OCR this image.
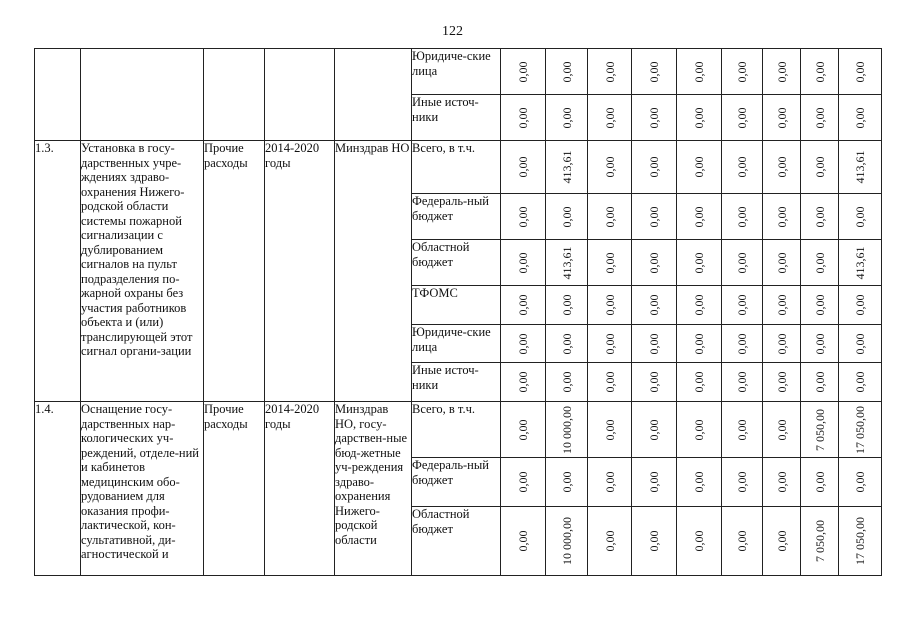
122
					Юридиче-ские лица	0,00	0,00	0,00	0,00	0,00	0,00	0,00	0,00	0,00

					Иные источ-ники	0,00	0,00	0,00	0,00	0,00	0,00	0,00	0,00	0,00

1.3.	Установка в госу-дарственных учре-ждениях здраво-охранения Нижего-родской области системы пожарной сигнализации с дублированием сигналов на пульт подразделения по-жарной охраны без участия работников объекта и (или) транслирующей этот сигнал органи-зации	Прочие расходы	2014-2020 годы	Минздрав НО	Всего, в т.ч.	0,00	413,61	0,00	0,00	0,00	0,00	0,00	0,00	413,61

					Федераль-ный бюджет	0,00	0,00	0,00	0,00	0,00	0,00	0,00	0,00	0,00

					Областной бюджет	0,00	413,61	0,00	0,00	0,00	0,00	0,00	0,00	413,61

					ТФОМС	0,00	0,00	0,00	0,00	0,00	0,00	0,00	0,00	0,00

					Юридиче-ские лица	0,00	0,00	0,00	0,00	0,00	0,00	0,00	0,00	0,00

					Иные источ-ники	0,00	0,00	0,00	0,00	0,00	0,00	0,00	0,00	0,00

1.4.	Оснащение госу-дарственных нар-кологических уч-реждений, отделе-ний и кабинетов медицинским обо-рудованием для оказания профи-лактической, кон-сультативной, ди-агностической и	Прочие расходы	2014-2020 годы	Минздрав НО, госу-дарствен-ные бюд-жетные уч-реждения здраво-охранения Нижего-родской области	Всего, в т.ч.	0,00	10 000,00	0,00	0,00	0,00	0,00	0,00	7 050,00	17 050,00

					Федераль-ный бюджет	0,00	0,00	0,00	0,00	0,00	0,00	0,00	0,00	0,00

					Областной бюджет	0,00	10 000,00	0,00	0,00	0,00	0,00	0,00	7 050,00	17 050,00
